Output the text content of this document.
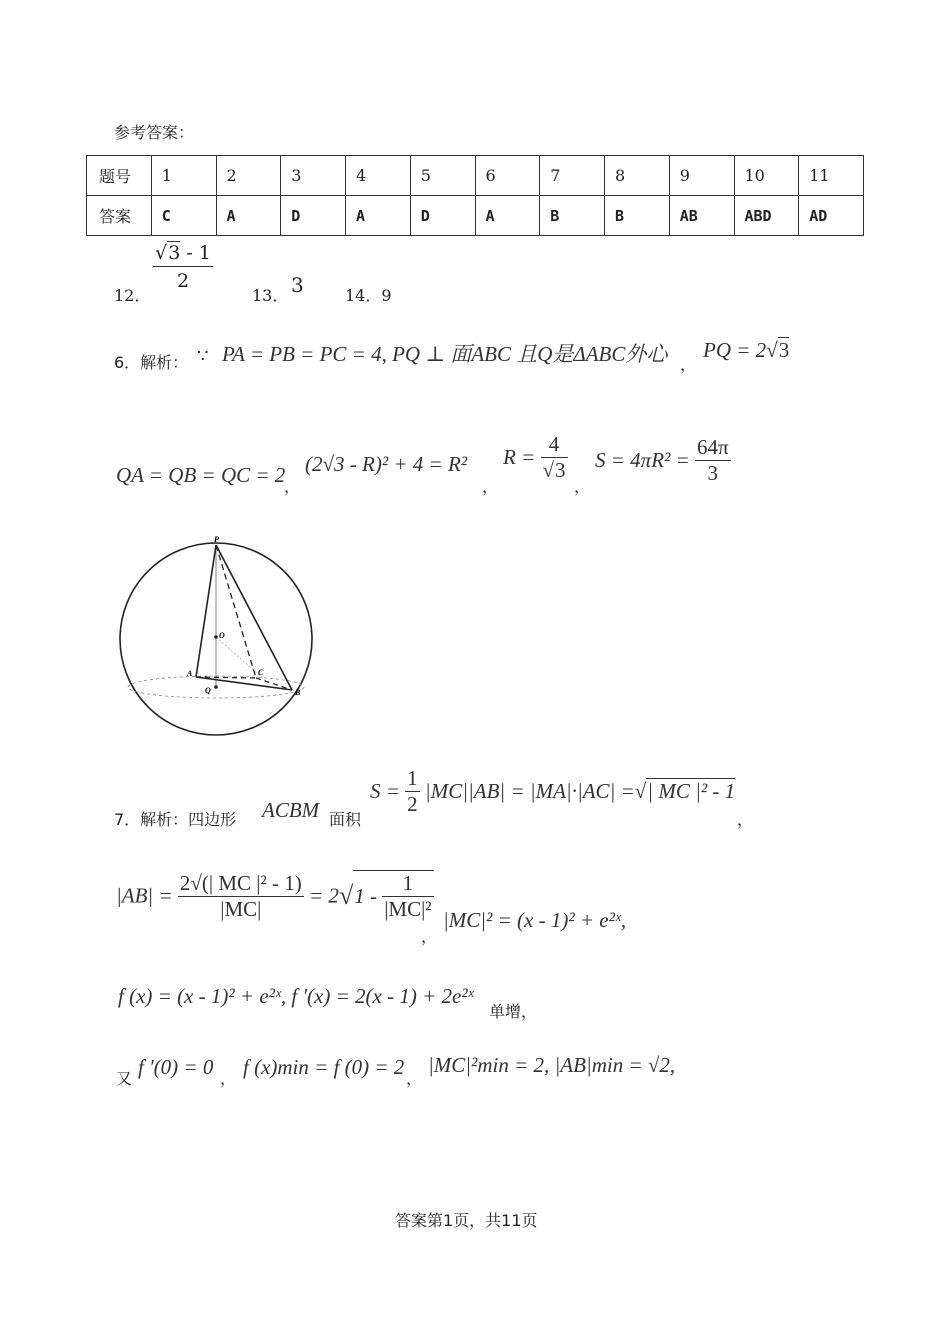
参考答案：
题号	1	2	3	4	5	6	7	8	9	10	11
答案	C	A	D	A	D	A	B	B	AB	ABD	AD
12．
√3 - 1
2
13． 3	14．9
6．解析： ∵ PA = PB = PC = 4, PQ ⊥ 面ABC 且Q是ΔABC外心 ，
PQ = 2√3
QA = QB = QC = 2
，
(2√3 - R)² + 4 = R²
，
$R = \frac{4}{√3}$
，
$S = 4\pi R^2 = \frac{64\pi}{3}$
P
O
A	C
Q	B
7．解析：四边形 ACBM 面积
$S = \frac{1}{2} |MC||AB| = |MA|\cdot|AC|$ =√| MC |² - 1
，
$|AB| = \frac{\text{2√(| MC |² - 1)}}{|MC|} = 2√1 - \frac{1}{\text{|MC|²}}$
，
|MC|² = (x - 1)² + e²ˣ,
f (x) = (x - 1)² + e²ˣ, f ′(x) = 2(x - 1) + 2e²ˣ
单增，
又 f ′(0) = 0 ， f (x)min = f (0) = 2 ，
|MC|²min = 2, |AB|min = √2,
答案第1页，共11页
